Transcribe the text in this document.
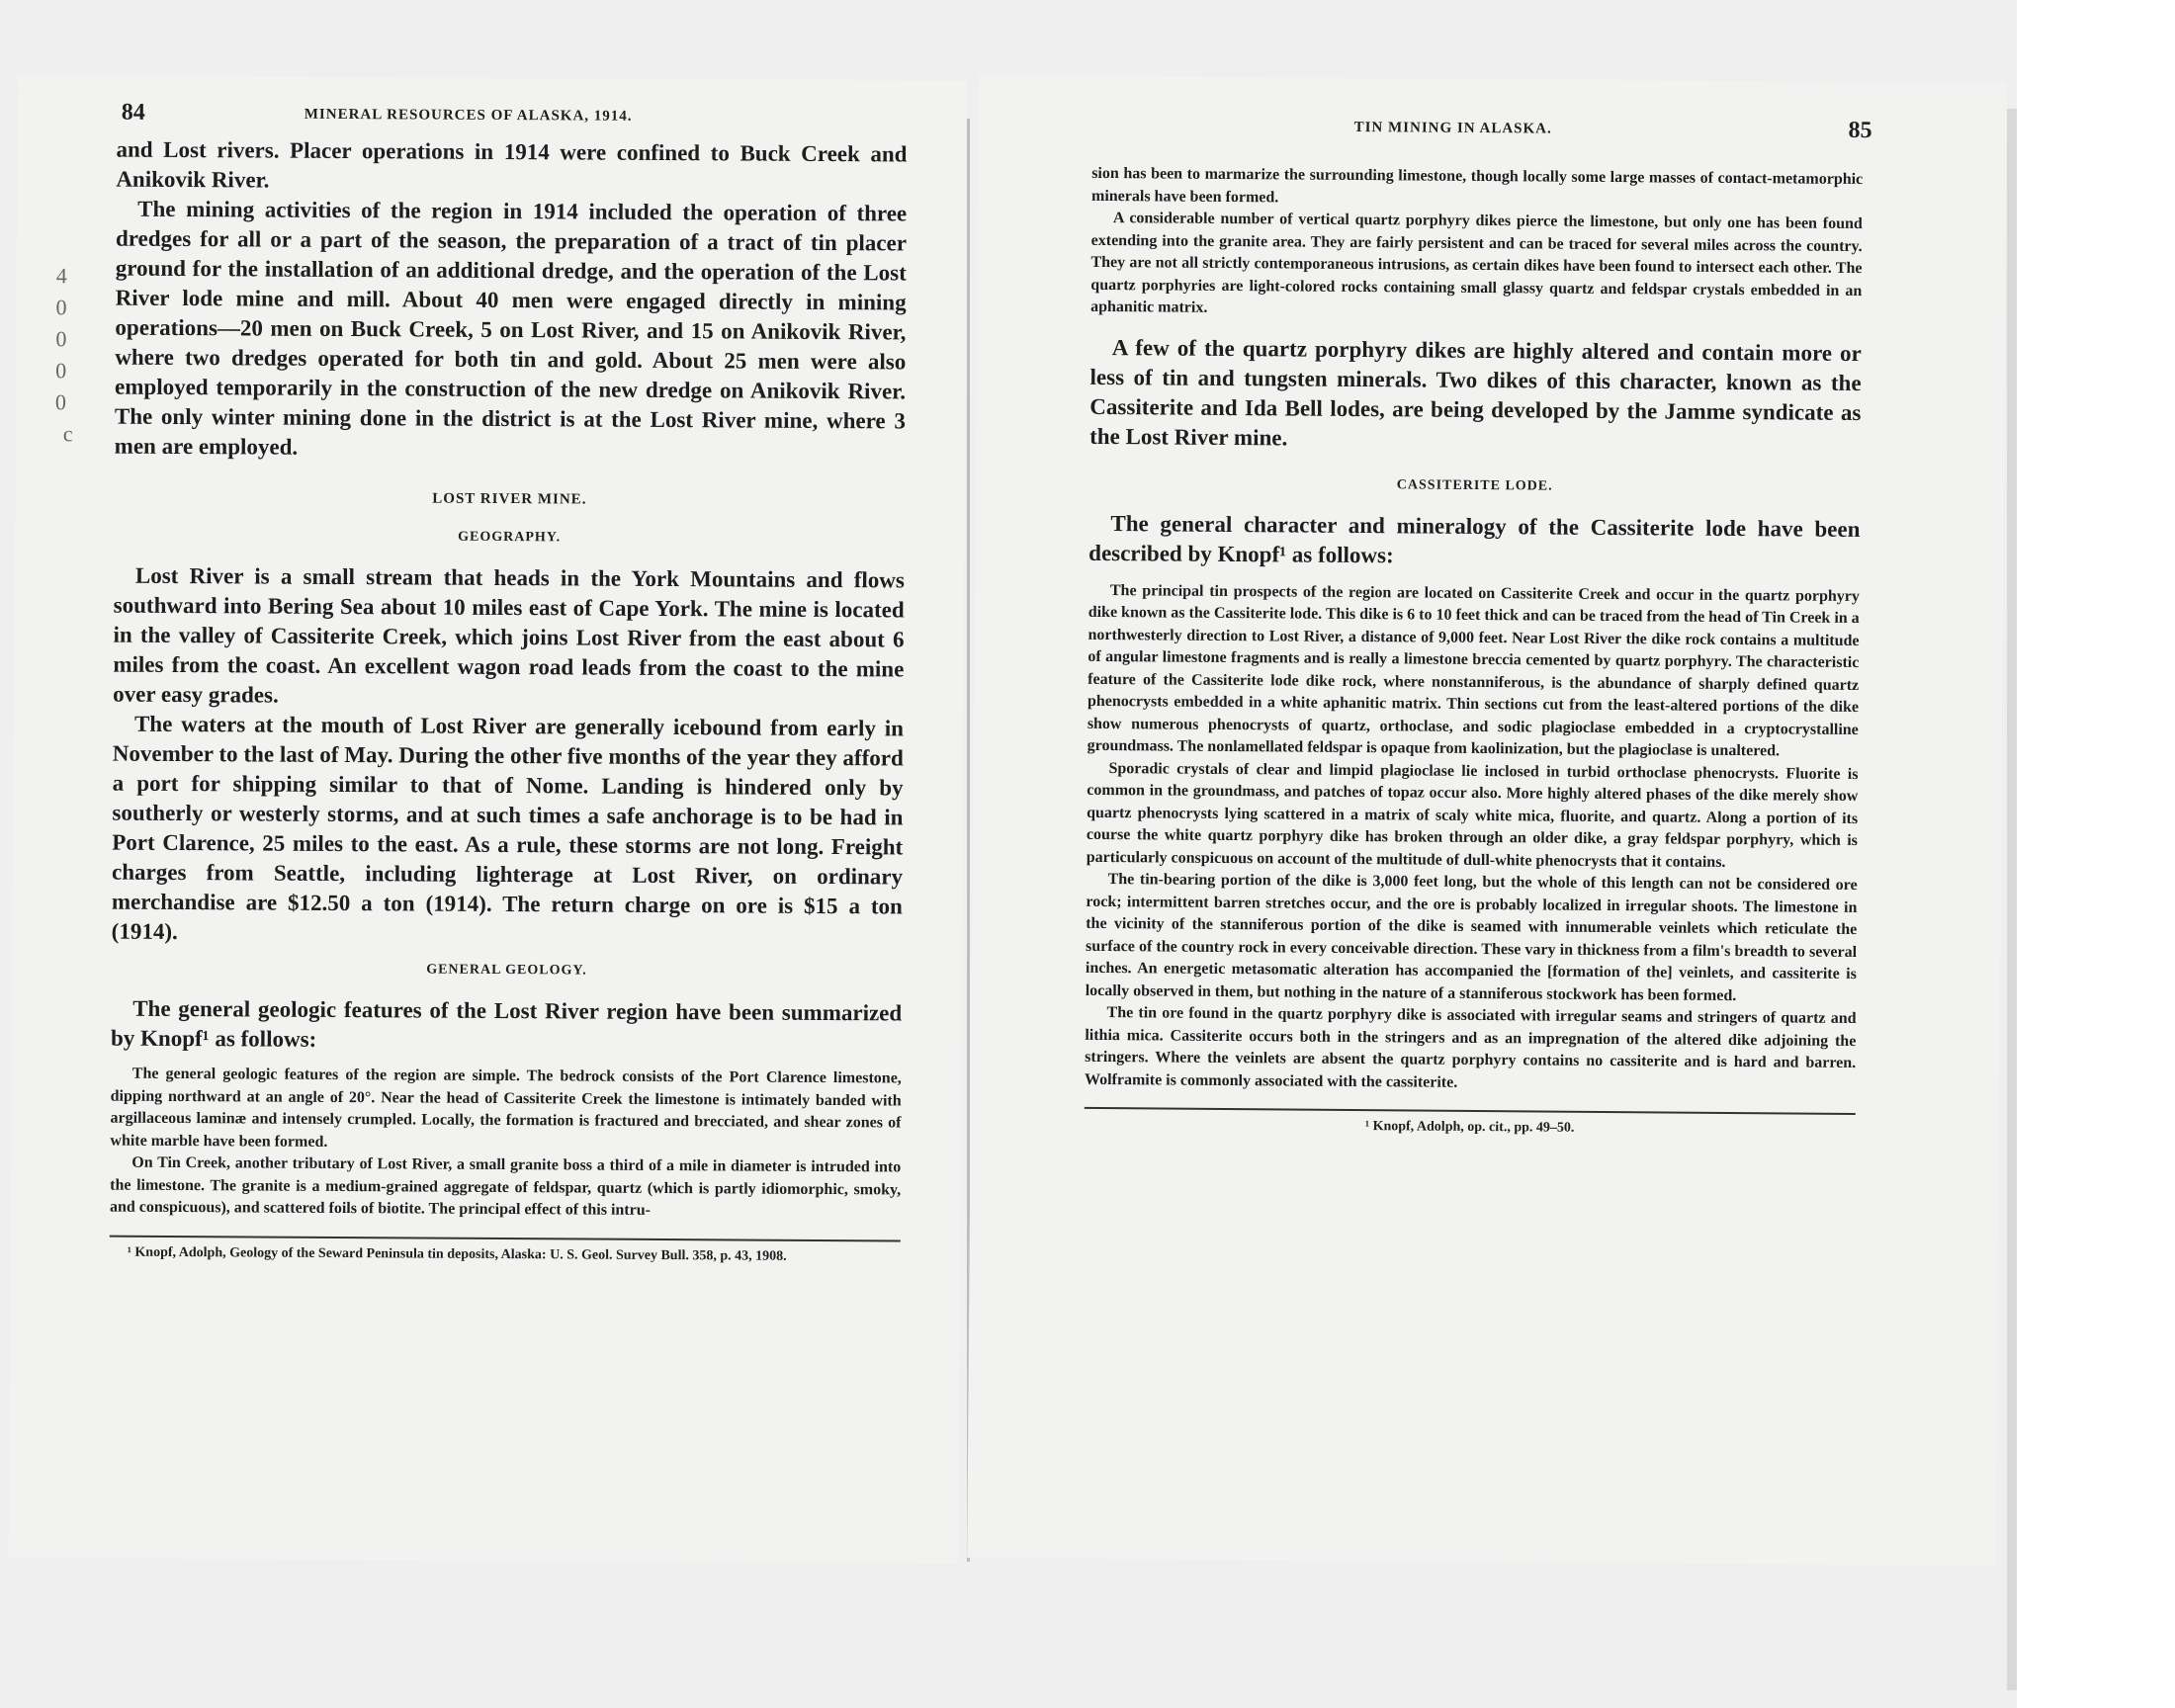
84	MINERAL RESOURCES OF ALASKA, 1914.
4
0
0
0
0
c

and Lost rivers. Placer operations in 1914 were confined to Buck Creek and Anikovik River.

The mining activities of the region in 1914 included the operation of three dredges for all or a part of the season, the preparation of a tract of tin placer ground for the installation of an additional dredge, and the operation of the Lost River lode mine and mill. About 40 men were engaged directly in mining operations—20 men on Buck Creek, 5 on Lost River, and 15 on Anikovik River, where two dredges operated for both tin and gold. About 25 men were also employed temporarily in the construction of the new dredge on Anikovik River. The only winter mining done in the district is at the Lost River mine, where 3 men are employed.

LOST RIVER MINE.
GEOGRAPHY.

Lost River is a small stream that heads in the York Mountains and flows southward into Bering Sea about 10 miles east of Cape York. The mine is located in the valley of Cassiterite Creek, which joins Lost River from the east about 6 miles from the coast. An excellent wagon road leads from the coast to the mine over easy grades.

The waters at the mouth of Lost River are generally icebound from early in November to the last of May. During the other five months of the year they afford a port for shipping similar to that of Nome. Landing is hindered only by southerly or westerly storms, and at such times a safe anchorage is to be had in Port Clarence, 25 miles to the east. As a rule, these storms are not long. Freight charges from Seattle, including lighterage at Lost River, on ordinary merchandise are $12.50 a ton (1914). The return charge on ore is $15 a ton (1914).

GENERAL GEOLOGY.

The general geologic features of the Lost River region have been summarized by Knopf¹ as follows:

The general geologic features of the region are simple. The bedrock consists of the Port Clarence limestone, dipping northward at an angle of 20°. Near the head of Cassiterite Creek the limestone is intimately banded with argillaceous laminæ and intensely crumpled. Locally, the formation is fractured and brecciated, and shear zones of white marble have been formed.

On Tin Creek, another tributary of Lost River, a small granite boss a third of a mile in diameter is intruded into the limestone. The granite is a medium-grained aggregate of feldspar, quartz (which is partly idiomorphic, smoky, and conspicuous), and scattered foils of biotite. The principal effect of this intru-

¹ Knopf, Adolph, Geology of the Seward Peninsula tin deposits, Alaska: U. S. Geol. Survey Bull. 358, p. 43, 1908.

TIN MINING IN ALASKA.	85

sion has been to marmarize the surrounding limestone, though locally some large masses of contact-metamorphic minerals have been formed.

A considerable number of vertical quartz porphyry dikes pierce the limestone, but only one has been found extending into the granite area. They are fairly persistent and can be traced for several miles across the country. They are not all strictly contemporaneous intrusions, as certain dikes have been found to intersect each other. The quartz porphyries are light-colored rocks containing small glassy quartz and feldspar crystals embedded in an aphanitic matrix.

A few of the quartz porphyry dikes are highly altered and contain more or less of tin and tungsten minerals. Two dikes of this character, known as the Cassiterite and Ida Bell lodes, are being developed by the Jamme syndicate as the Lost River mine.

CASSITERITE LODE.

The general character and mineralogy of the Cassiterite lode have been described by Knopf¹ as follows:

The principal tin prospects of the region are located on Cassiterite Creek and occur in the quartz porphyry dike known as the Cassiterite lode. This dike is 6 to 10 feet thick and can be traced from the head of Tin Creek in a northwesterly direction to Lost River, a distance of 9,000 feet. Near Lost River the dike rock contains a multitude of angular limestone fragments and is really a limestone breccia cemented by quartz porphyry. The characteristic feature of the Cassiterite lode dike rock, where nonstanniferous, is the abundance of sharply defined quartz phenocrysts embedded in a white aphanitic matrix. Thin sections cut from the least-altered portions of the dike show numerous phenocrysts of quartz, orthoclase, and sodic plagioclase embedded in a cryptocrystalline groundmass. The nonlamellated feldspar is opaque from kaolinization, but the plagioclase is unaltered.

Sporadic crystals of clear and limpid plagioclase lie inclosed in turbid orthoclase phenocrysts. Fluorite is common in the groundmass, and patches of topaz occur also. More highly altered phases of the dike merely show quartz phenocrysts lying scattered in a matrix of scaly white mica, fluorite, and quartz. Along a portion of its course the white quartz porphyry dike has broken through an older dike, a gray feldspar porphyry, which is particularly conspicuous on account of the multitude of dull-white phenocrysts that it contains.

The tin-bearing portion of the dike is 3,000 feet long, but the whole of this length can not be considered ore rock; intermittent barren stretches occur, and the ore is probably localized in irregular shoots. The limestone in the vicinity of the stanniferous portion of the dike is seamed with innumerable veinlets which reticulate the surface of the country rock in every conceivable direction. These vary in thickness from a film's breadth to several inches. An energetic metasomatic alteration has accompanied the [formation of the] veinlets, and cassiterite is locally observed in them, but nothing in the nature of a stanniferous stockwork has been formed.

The tin ore found in the quartz porphyry dike is associated with irregular seams and stringers of quartz and lithia mica. Cassiterite occurs both in the stringers and as an impregnation of the altered dike adjoining the stringers. Where the veinlets are absent the quartz porphyry contains no cassiterite and is hard and barren. Wolframite is commonly associated with the cassiterite.

¹ Knopf, Adolph, op. cit., pp. 49–50.
